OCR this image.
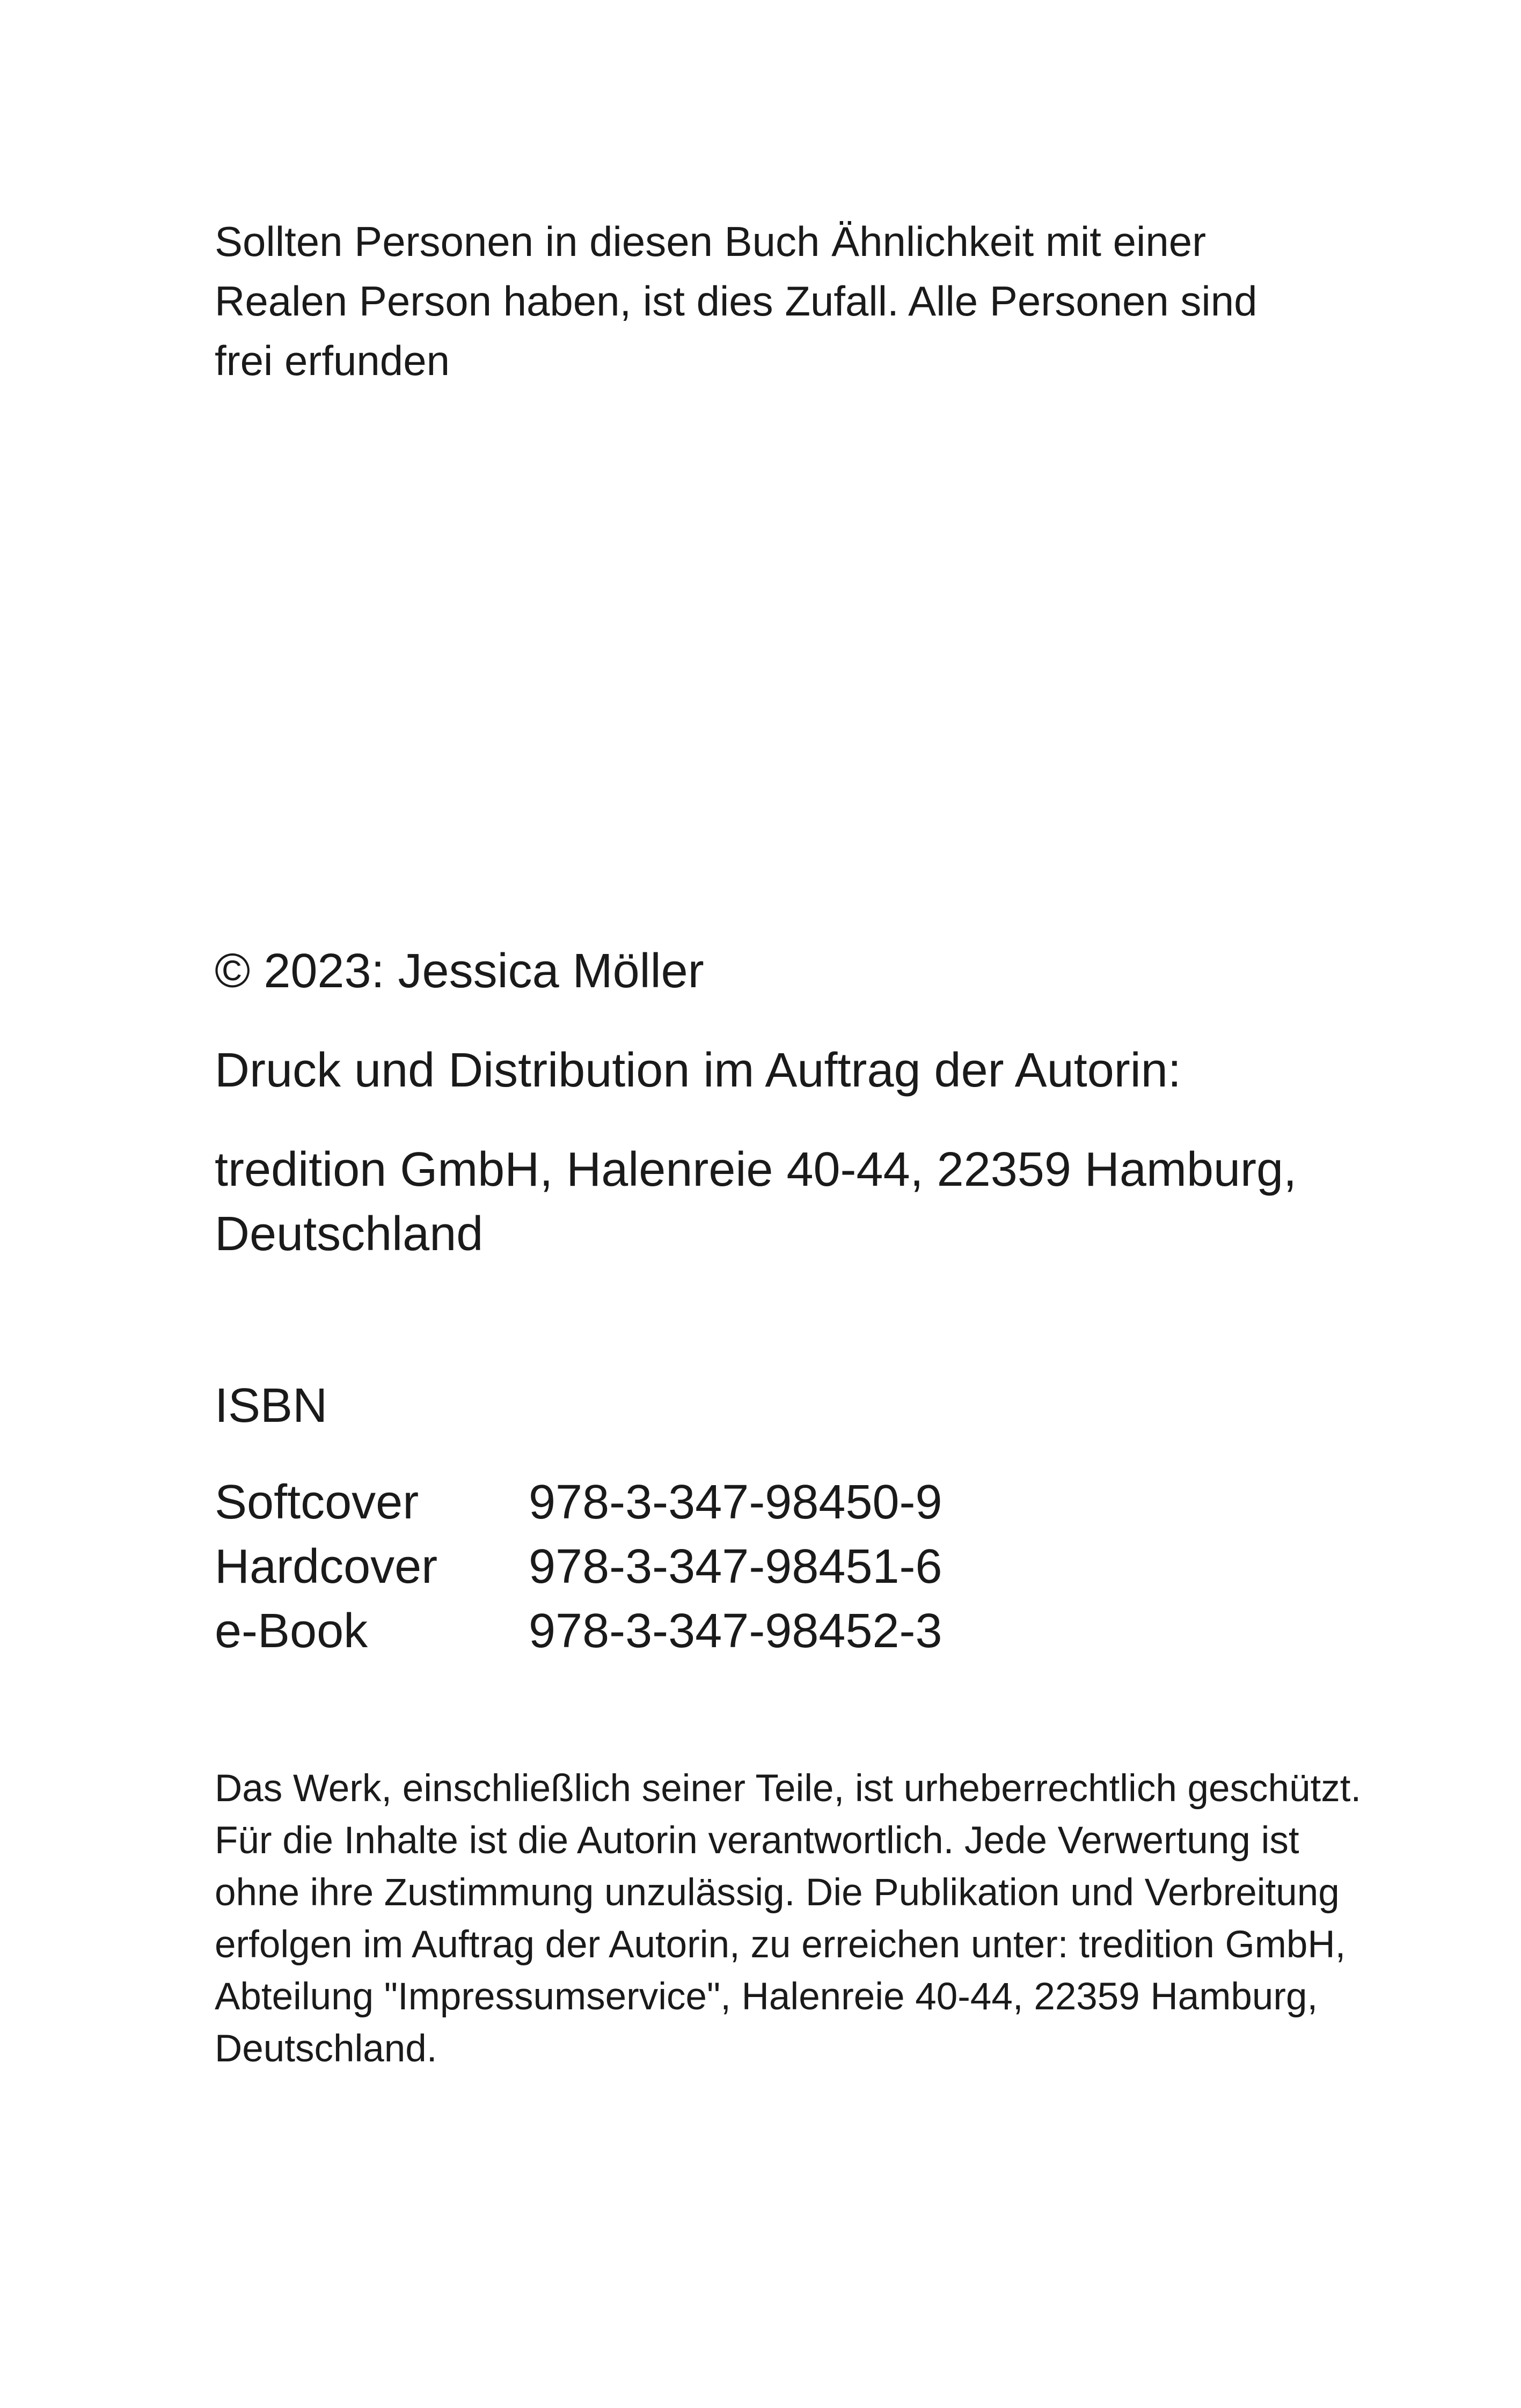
Sollten Personen in diesen Buch Ähnlichkeit mit einer Realen Person haben, ist dies Zufall. Alle Personen sind frei erfunden

© 2023: Jessica Möller

Druck und Distribution im Auftrag der Autorin:

tredition GmbH, Halenreie 40-44, 22359 Hamburg, Deutschland

ISBN

Softcover	978-3-347-98450-9
Hardcover	978-3-347-98451-6
e-Book	978-3-347-98452-3

Das Werk, einschließlich seiner Teile, ist urheberrechtlich geschützt. Für die Inhalte ist die Autorin verantwortlich. Jede Verwertung ist ohne ihre Zustimmung unzulässig. Die Publikation und Verbreitung erfolgen im Auftrag der Autorin, zu erreichen unter: tredition GmbH, Abteilung "Impressumservice", Halenreie 40-44, 22359 Hamburg, Deutschland.
